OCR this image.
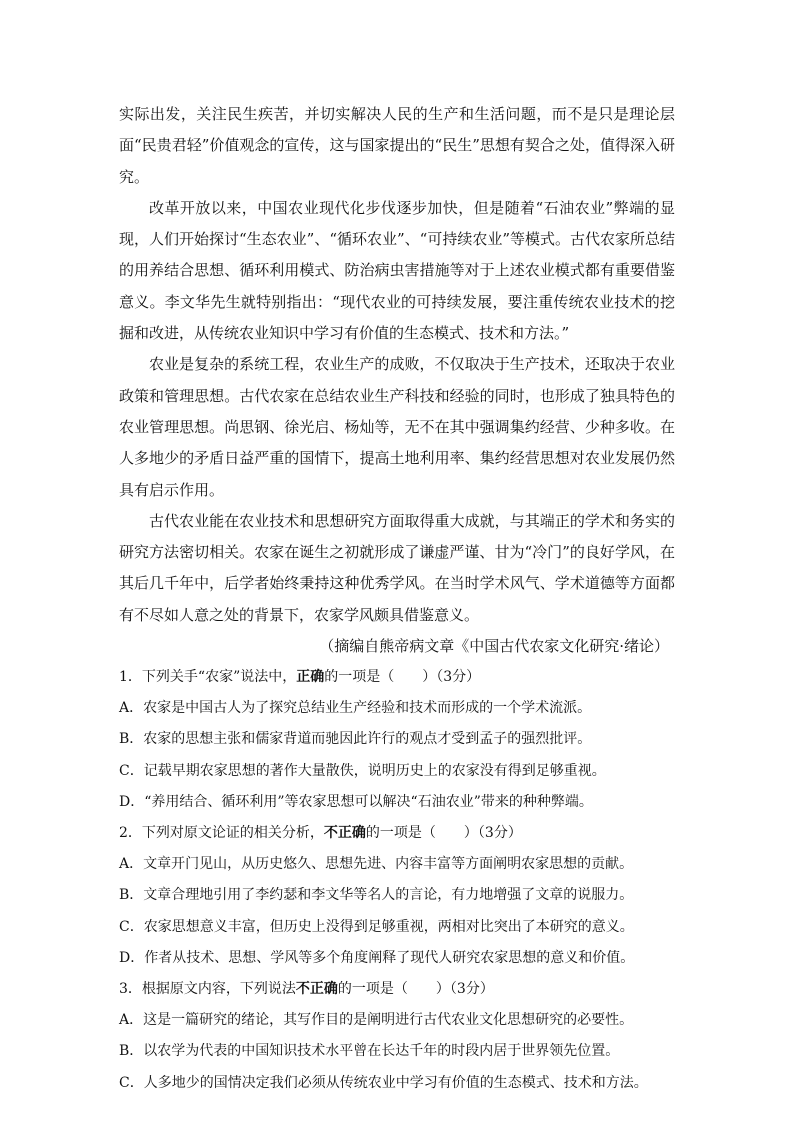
实际出发，关注民生疾苦，并切实解决人民的生产和生活问题，而不是只是理论层面“民贵君轻”价值观念的宣传，这与国家提出的“民生”思想有契合之处，值得深入研究。

改革开放以来，中国农业现代化步伐逐步加快，但是随着“石油农业”弊端的显现，人们开始探讨“生态农业”、“循环农业”、“可持续农业”等模式。古代农家所总结的用养结合思想、循环利用模式、防治病虫害措施等对于上述农业模式都有重要借鉴意义。李文华先生就特别指出：“现代农业的可持续发展，要注重传统农业技术的挖掘和改进，从传统农业知识中学习有价值的生态模式、技术和方法。”

农业是复杂的系统工程，农业生产的成败，不仅取决于生产技术，还取决于农业政策和管理思想。古代农家在总结农业生产科技和经验的同时，也形成了独具特色的农业管理思想。尚思钢、徐光启、杨灿等，无不在其中强调集约经营、少种多收。在人多地少的矛盾日益严重的国情下，提高土地利用率、集约经营思想对农业发展仍然具有启示作用。

古代农业能在农业技术和思想研究方面取得重大成就，与其端正的学术和务实的研究方法密切相关。农家在诞生之初就形成了谦虚严谨、甘为“冷门”的良好学风，在其后几千年中，后学者始终秉持这种优秀学风。在当时学术风气、学术道德等方面都有不尽如人意之处的背景下，农家学风颇具借鉴意义。

（摘编自熊帝病文章《中国古代农家文化研究·绪论）

1．下列关手“农家”说法中，正确的一项是（　　）（3分）

A．农家是中国古人为了探究总结业生产经验和技术而形成的一个学术流派。

B．农家的思想主张和儒家背道而驰因此许行的观点才受到孟子的强烈批评。

C．记载早期农家思想的著作大量散佚，说明历史上的农家没有得到足够重视。

D．“养用结合、循环利用”等农家思想可以解决“石油农业”带来的种种弊端。

2．下列对原文论证的相关分析，不正确的一项是（　　）（3分）

A．文章开门见山，从历史悠久、思想先进、内容丰富等方面阐明农家思想的贡献。

B．文章合理地引用了李约瑟和李文华等名人的言论，有力地增强了文章的说服力。

C．农家思想意义丰富，但历史上没得到足够重视，两相对比突出了本研究的意义。

D．作者从技术、思想、学风等多个角度阐释了现代人研究农家思想的意义和价值。

3．根据原文内容，下列说法不正确的一项是（　　）（3分）

A．这是一篇研究的绪论，其写作目的是阐明进行古代农业文化思想研究的必要性。

B．以农学为代表的中国知识技术水平曾在长达千年的时段内居于世界领先位置。

C．人多地少的国情决定我们必须从传统农业中学习有价值的生态模式、技术和方法。
